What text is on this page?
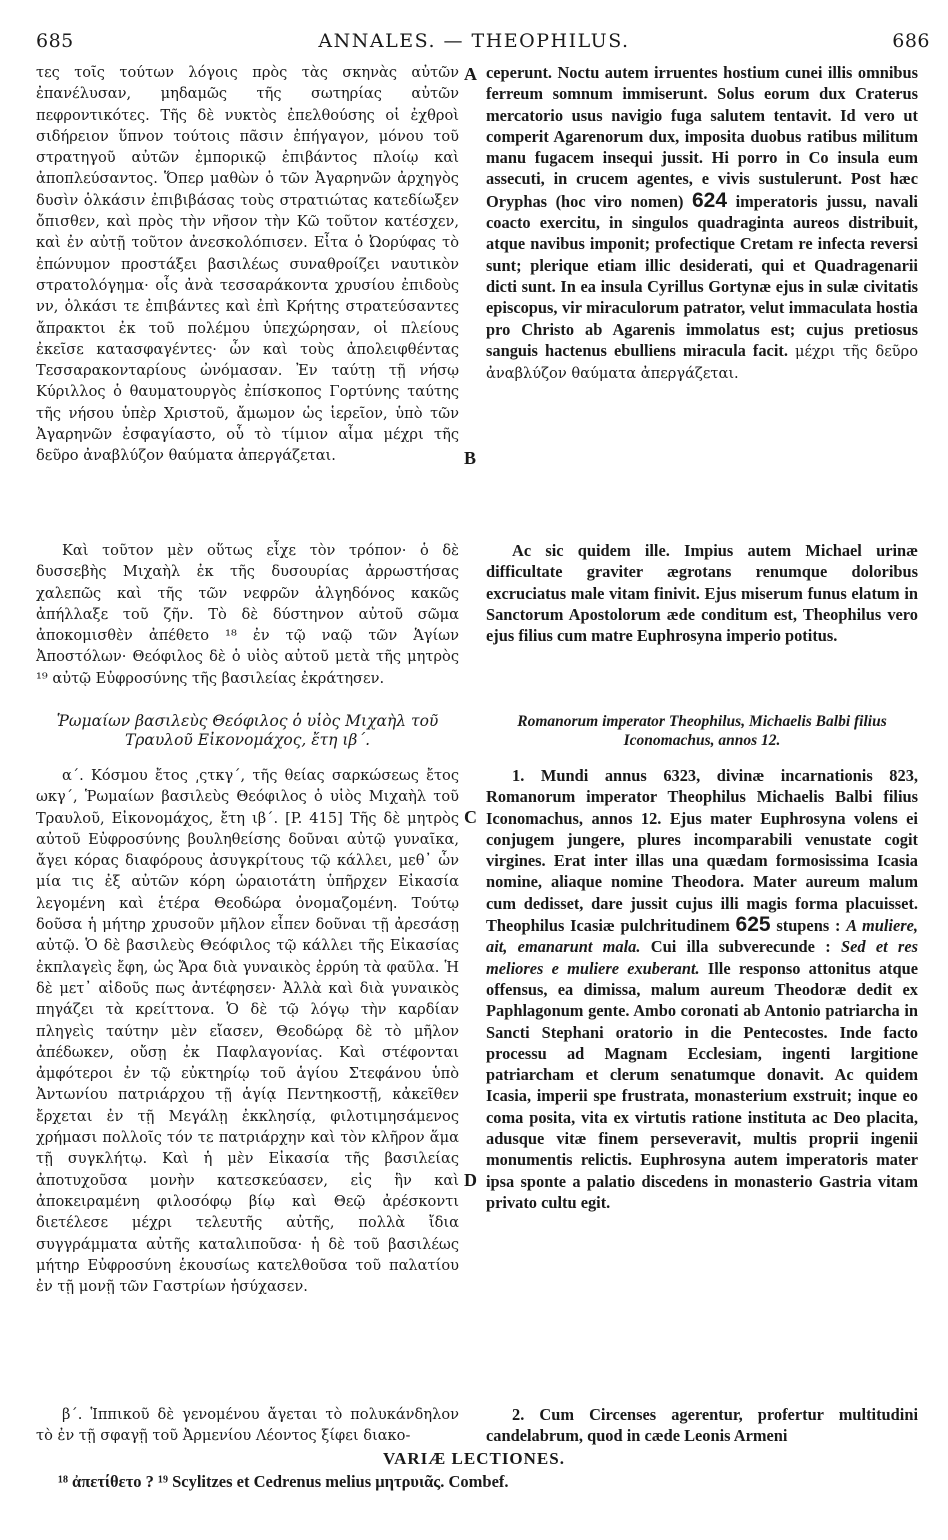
685	ANNALES. — THEOPHILUS.	686

τες τοῖς τούτων λόγοις πρὸς τὰς σκηνὰς αὐτῶν ἐπανέλυσαν, μηδαμῶς τῆς σωτηρίας αὐτῶν πεφροντικότες. Τῆς δὲ νυκτὸς ἐπελθούσης οἱ ἐχθροὶ σιδήρειον ὕπνον τούτοις πᾶσιν ἐπήγαγον, μόνου τοῦ στρατηγοῦ αὐτῶν ἐμπορικῷ ἐπιβάντος πλοίῳ καὶ ἀποπλεύσαντος. Ὅπερ μαθὼν ὁ τῶν Ἀγαρηνῶν ἀρχηγὸς δυσὶν ὁλκάσιν ἐπιβιβάσας τοὺς στρατιώτας κατεδίωξεν ὄπισθεν, καὶ πρὸς τὴν νῆσον τὴν Κῶ τοῦτον κατέσχεν, καὶ ἐν αὐτῇ τοῦτον ἀνεσκολόπισεν. Εἶτα ὁ Ὠορύφας τὸ ἐπώνυμον προστάξει βασιλέως συναθροίζει ναυτικὸν στρατολόγημα· οἷς ἀνὰ τεσσαράκοντα χρυσίου ἐπιδοὺς νν, ὁλκάσι τε ἐπιβάντες καὶ ἐπὶ Κρήτης στρατεύσαντες ἄπρακτοι ἐκ τοῦ πολέμου ὑπεχώρησαν, οἱ πλείους ἐκεῖσε κατασφαγέντες· ὧν καὶ τοὺς ἀπολειφθέντας Τεσσαρακονταρίους ὠνόμασαν. Ἐν ταύτῃ τῇ νήσῳ Κύριλλος ὁ θαυματουργὸς ἐπίσκοπος Γορτύνης ταύτης τῆς νήσου ὑπὲρ Χριστοῦ, ἄμωμον ὡς ἱερεῖον, ὑπὸ τῶν Ἀγαρηνῶν ἐσφαγίαστο, οὗ τὸ τίμιον αἷμα μέχρι τῆς δεῦρο ἀναβλύζον θαύματα ἀπεργάζεται.

Καὶ τοῦτον μὲν οὕτως εἶχε τὸν τρόπον· ὁ δὲ δυσσεβὴς Μιχαὴλ ἐκ τῆς δυσουρίας ἀρρωστήσας χαλεπῶς καὶ τῆς τῶν νεφρῶν ἀλγηδόνος κακῶς ἀπήλλαξε τοῦ ζῆν. Τὸ δὲ δύστηνον αὐτοῦ σῶμα ἀποκομισθὲν ἀπέθετο ¹⁸ ἐν τῷ ναῷ τῶν Ἁγίων Ἀποστόλων· Θεόφιλος δὲ ὁ υἱὸς αὐτοῦ μετὰ τῆς μητρὸς ¹⁹ αὐτῷ Εὐφροσύνης τῆς βασιλείας ἐκράτησεν.

Ῥωμαίων βασιλεὺς Θεόφιλος ὁ υἱὸς Μιχαὴλ τοῦ Τραυλοῦ Εἰκονομάχος, ἔτη ιβ΄.

α΄. Κόσμου ἔτος ͵ςτκγ΄, τῆς θείας σαρκώσεως ἔτος ωκγ΄, Ῥωμαίων βασιλεὺς Θεόφιλος ὁ υἱὸς Μιχαὴλ τοῦ Τραυλοῦ, Εἰκονομάχος, ἔτη ιβ΄. [P. 415] Τῆς δὲ μητρὸς αὐτοῦ Εὐφροσύνης βουληθείσης δοῦναι αὐτῷ γυναῖκα, ἄγει κόρας διαφόρους ἀσυγκρίτους τῷ κάλλει, μεθ᾽ ὧν μία τις ἐξ αὐτῶν κόρη ὡραιοτάτη ὑπῆρχεν Εἰκασία λεγομένη καὶ ἑτέρα Θεοδώρα ὀνομαζομένη. Τούτῳ δοῦσα ἡ μήτηρ χρυσοῦν μῆλον εἶπεν δοῦναι τῇ ἀρεσάσῃ αὐτῷ. Ὁ δὲ βασιλεὺς Θεόφιλος τῷ κάλλει τῆς Εἰκασίας ἐκπλαγεὶς ἔφη, ὡς Ἄρα διὰ γυναικὸς ἐρρύη τὰ φαῦλα. Ἡ δὲ μετ᾽ αἰδοῦς πως ἀντέφησεν· Ἀλλὰ καὶ διὰ γυναικὸς πηγάζει τὰ κρείττονα. Ὁ δὲ τῷ λόγῳ τὴν καρδίαν πληγεὶς ταύτην μὲν εἴασεν, Θεοδώρᾳ δὲ τὸ μῆλον ἀπέδωκεν, οὔσῃ ἐκ Παφλαγονίας. Καὶ στέφονται ἀμφότεροι ἐν τῷ εὐκτηρίῳ τοῦ ἁγίου Στεφάνου ὑπὸ Ἀντωνίου πατριάρχου τῇ ἁγίᾳ Πεντηκοστῇ, κἀκεῖθεν ἔρχεται ἐν τῇ Μεγάλῃ ἐκκλησίᾳ, φιλοτιμησάμενος χρήμασι πολλοῖς τόν τε πατριάρχην καὶ τὸν κλῆρον ἅμα τῇ συγκλήτῳ. Καὶ ἡ μὲν Εἰκασία τῆς βασιλείας ἀποτυχοῦσα μονὴν κατεσκεύασεν, εἰς ἣν καὶ ἀποκειραμένη φιλοσόφῳ βίῳ καὶ Θεῷ ἀρέσκοντι διετέλεσε μέχρι τελευτῆς αὐτῆς, πολλὰ ἴδια συγγράμματα αὐτῆς καταλιποῦσα· ἡ δὲ τοῦ βασιλέως μήτηρ Εὐφροσύνη ἑκουσίως κατελθοῦσα τοῦ παλατίου ἐν τῇ μονῇ τῶν Γαστρίων ἡσύχασεν.

β΄. Ἱππικοῦ δὲ γενομένου ἄγεται τὸ πολυκάνδηλον τὸ ἐν τῇ σφαγῇ τοῦ Ἀρμενίου Λέοντος ξίφει διακο-

A
B
C
D

ceperunt. Noctu autem irruentes hostium cunei illis omnibus ferreum somnum immiserunt. Solus eorum dux Craterus mercatorio usus navigio fuga salutem tentavit. Id vero ut comperit Agarenorum dux, imposita duobus ratibus militum manu fugacem insequi jussit. Hi porro in Co insula eum assecuti, in crucem agentes, e vivis sustulerunt. Post hæc Oryphas (hoc viro nomen) 624 imperatoris jussu, navali coacto exercitu, in singulos quadraginta aureos distribuit, atque navibus imponit; profectique Cretam re infecta reversi sunt; plerique etiam illic desiderati, qui et Quadragenarii dicti sunt. In ea insula Cyrillus Gortynæ ejus in sulæ civitatis episcopus, vir miraculorum patrator, velut immaculata hostia pro Christo ab Agarenis immolatus est; cujus pretiosus sanguis hactenus ebulliens miracula facit. μέχρι τῆς δεῦρο ἀναβλύζον θαύματα ἀπεργάζεται.

Ac sic quidem ille. Impius autem Michael urinæ difficultate graviter ægrotans renumque doloribus excruciatus male vitam finivit. Ejus miserum funus elatum in Sanctorum Apostolorum æde conditum est, Theophilus vero ejus filius cum matre Euphrosyna imperio potitus.

Romanorum imperator Theophilus, Michaelis Balbi filius Iconomachus, annos 12.

1. Mundi annus 6323, divinæ incarnationis 823, Romanorum imperator Theophilus Michaelis Balbi filius Iconomachus, annos 12. Ejus mater Euphrosyna volens ei conjugem jungere, plures incomparabili venustate cogit virgines. Erat inter illas una quædam formosissima Icasia nomine, aliaque nomine Theodora. Mater aureum malum cum dedisset, dare jussit cujus illi magis forma placuisset. Theophilus Icasiæ pulchritudinem 625 stupens : A muliere, ait, emanarunt mala. Cui illa subverecunde : Sed et res meliores e muliere exuberant. Ille responso attonitus atque offensus, ea dimissa, malum aureum Theodoræ dedit ex Paphlagonum gente. Ambo coronati ab Antonio patriarcha in Sancti Stephani oratorio in die Pentecostes. Inde facto processu ad Magnam Ecclesiam, ingenti largitione patriarcham et clerum senatumque donavit. Ac quidem Icasia, imperii spe frustrata, monasterium exstruit; inque eo coma posita, vita ex virtutis ratione instituta ac Deo placita, adusque vitæ finem perseveravit, multis proprii ingenii monumentis relictis. Euphrosyna autem imperatoris mater ipsa sponte a palatio discedens in monasterio Gastria vitam privato cultu egit.

2. Cum Circenses agerentur, profertur multitudini candelabrum, quod in cæde Leonis Armeni

VARIÆ LECTIONES.
¹⁸ ἀπετίθετο ? ¹⁹ Scylitzes et Cedrenus melius μητρυιᾶς. Combef.
